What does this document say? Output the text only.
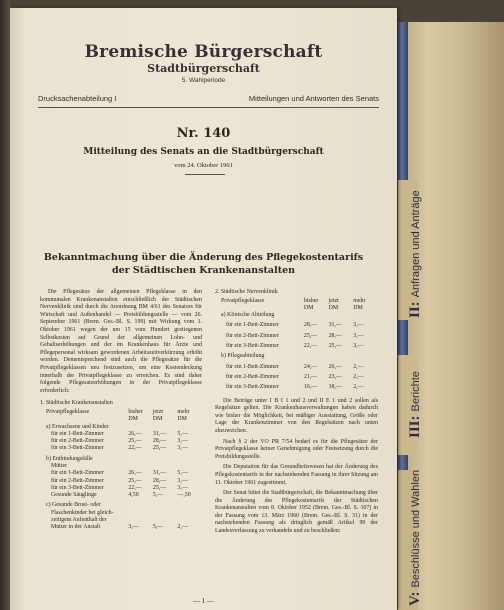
II:Anfragen und Anträge
III:Berichte
V:Beschlüsse und Wahlen
Bremische Bürgerschaft
Stadtbürgerschaft
5. Wahlperiode
Drucksachenabteilung I	Mitteilungen und Antworten des Senats
Nr. 140
Mitteilung des Senats an die Stadtbürgerschaft
vom 24. Oktober 1961
Bekanntmachung über die Änderung des Pflegekostentarifs
der Städtischen Krankenanstalten

Die Pflegesätze der allgemeinen Pflegeklasse in den kommunalen Krankenanstalten einschließlich der Städtischen Nervenklinik sind durch die Anordnung BM 4/61 des Senators für Wirtschaft und Außenhandel — Preisbildungsstelle — vom 26. September 1961 (Brem. Ges.-Bl. S. 199) mit Wirkung vom 1. Oktober 1961 wegen der um 15 vom Hundert gestiegenen Selbstkosten auf Grund der allgemeinen Lohn- und Gehaltserhöhungen und der im Krankenhaus für Ärzte und Pflegepersonal wirksam gewordenen Arbeitszeitverkürzung erhöht worden. Dementsprechend sind auch die Pflegesätze für die Privatpflegeklassen neu festzusetzen, um eine Kostendeckung innerhalb der Privatpflegeklasse zu erreichen. Es sind daher folgende Pflegesatzerhöhungen in der Privatpflegeklasse erforderlich:

1. Städtische Krankenanstalten
Privatpflegeklasse	bisher	jetzt	mehr
	DM	DM	DM
a) Erwachsene und Kinder			
für ein 1-Bett-Zimmer	26,—	31,—	5,—
für ein 2-Bett-Zimmer	25,—	28,—	3,—
für ein 3-Bett-Zimmer	22,—	25,—	3,—

b) Entbindungsfälle			
Mütter			
für ein 1-Bett-Zimmer	26,—	31,—	5,—
für ein 2-Bett-Zimmer	25,—	28,—	3,—
für ein 3-Bett-Zimmer	22,—	25,—	3,—
Gesunde Säuglinge	4,50	5,—	—,50

c) Gesunde Brust- oder			
Flaschenkinder bei gleich-			
zeitigem Aufenthalt der			
Mutter in der Anstalt	3,—	5,—	2,—
2. Städtische Nervenklinik
Privatpflegeklasse	bisher	jetzt	mehr
	DM	DM	DM
a) Klinische Abteilung			

für ein 1-Bett-Zimmer	28,—	31,—	3,—

für ein 2-Bett-Zimmer	25,—	28,—	3,—

für ein 3-Bett-Zimmer	22,—	25,—	3,—

b) Pflegeabteilung			

für ein 1-Bett-Zimmer	24,—	26,—	2,—

für ein 2-Bett-Zimmer	21,—	23,—	2,—

für ein 3-Bett-Zimmer	16,—	18,—	2,—

Die Beträge unter I B I 1 und 2 und II E 1 und 2 sollen als Regelsätze gelten. Die Krankenhausverwaltungen haben dadurch wie bisher die Möglichkeit, bei mäßiger Ausstattung, Größe oder Lage der Krankenzimmer von den Regelsätzen nach unten abzuweichen.

Nach § 2 der VO PR 7/54 bedarf es für die Pflegesätze der Privatpflegeklasse keiner Genehmigung oder Festsetzung durch die Preisbildungsstelle.

Die Deputation für das Gesundheitswesen hat der Änderung des Pflegekostentarifs in der nachstehenden Fassung in ihrer Sitzung am 11. Oktober 1961 zugestimmt.

Der Senat bittet die Stadtbürgerschaft, die Bekanntmachung über die Änderung des Pflegekostentarifs der Städtischen Krankenanstalten vom 8. Oktober 1952 (Brem. Ges.-Bl. S. 107) in der Fassung vom 13. März 1960 (Brem. Ges.-Bl. S. 31) in der nachstehenden Fassung als dringlich gemäß Artikel 99 der Landesverfassung zu verhandeln und zu beschließen:

— 1 —
